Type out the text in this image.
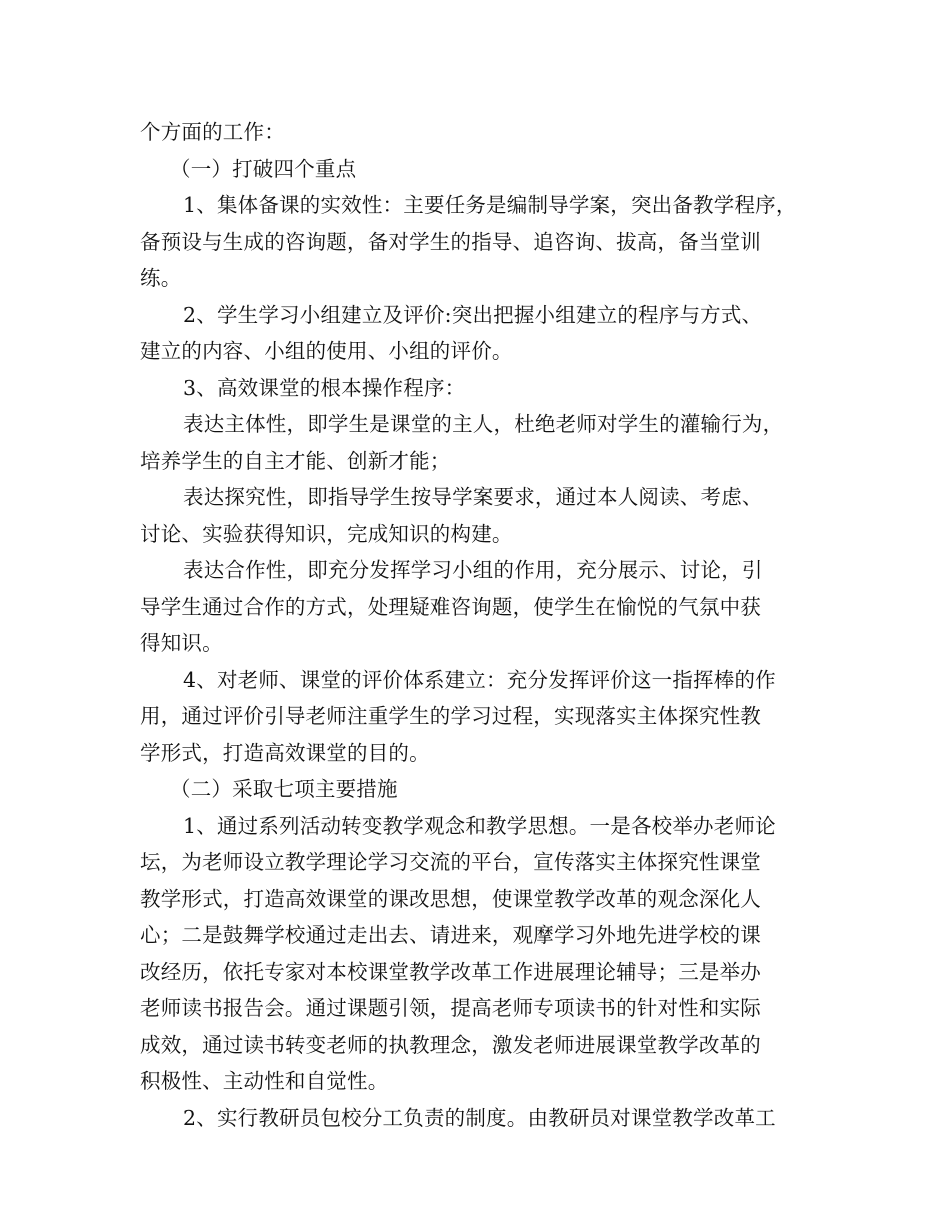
个方面的工作：
（一）打破四个重点
1、集体备课的实效性：主要任务是编制导学案，突出备教学程序，
备预设与生成的咨询题，备对学生的指导、追咨询、拔高，备当堂训
练。
2、学生学习小组建立及评价:突出把握小组建立的程序与方式、
建立的内容、小组的使用、小组的评价。
3、高效课堂的根本操作程序：
表达主体性，即学生是课堂的主人，杜绝老师对学生的灌输行为，
培养学生的自主才能、创新才能；
表达探究性，即指导学生按导学案要求，通过本人阅读、考虑、
讨论、实验获得知识，完成知识的构建。
表达合作性，即充分发挥学习小组的作用，充分展示、讨论，引
导学生通过合作的方式，处理疑难咨询题，使学生在愉悦的气氛中获
得知识。
4、对老师、课堂的评价体系建立：充分发挥评价这一指挥棒的作
用，通过评价引导老师注重学生的学习过程，实现落实主体探究性教
学形式，打造高效课堂的目的。
（二）采取七项主要措施
1、通过系列活动转变教学观念和教学思想。一是各校举办老师论
坛，为老师设立教学理论学习交流的平台，宣传落实主体探究性课堂
教学形式，打造高效课堂的课改思想，使课堂教学改革的观念深化人
心；二是鼓舞学校通过走出去、请进来，观摩学习外地先进学校的课
改经历，依托专家对本校课堂教学改革工作进展理论辅导；三是举办
老师读书报告会。通过课题引领，提高老师专项读书的针对性和实际
成效，通过读书转变老师的执教理念，激发老师进展课堂教学改革的
积极性、主动性和自觉性。
2、实行教研员包校分工负责的制度。由教研员对课堂教学改革工
